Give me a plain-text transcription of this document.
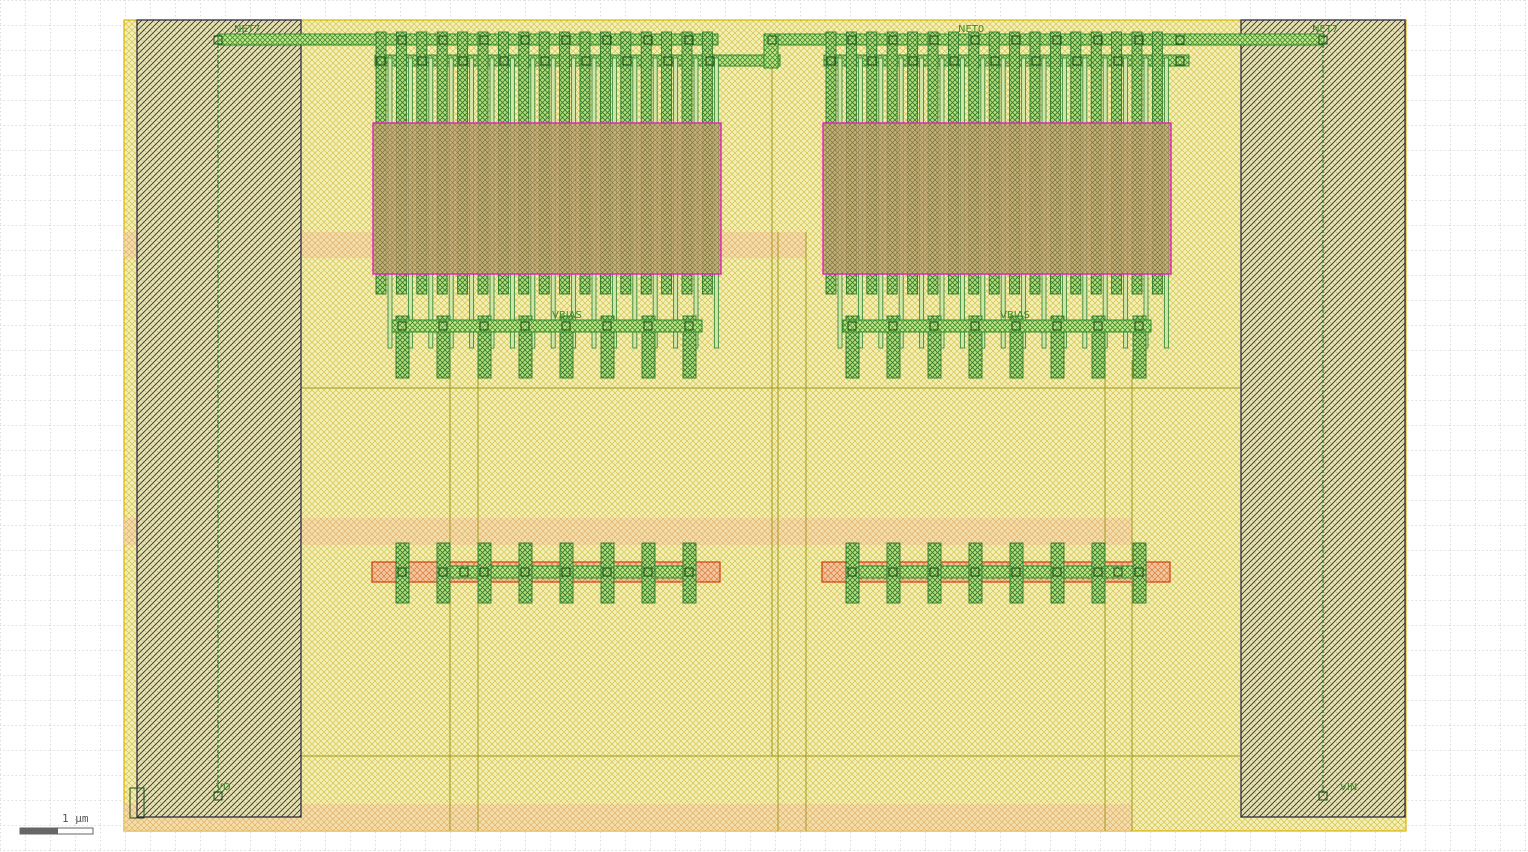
NET7	NET0	NET7
VD	VIN
VBIAS	VBIAS
1 µm
